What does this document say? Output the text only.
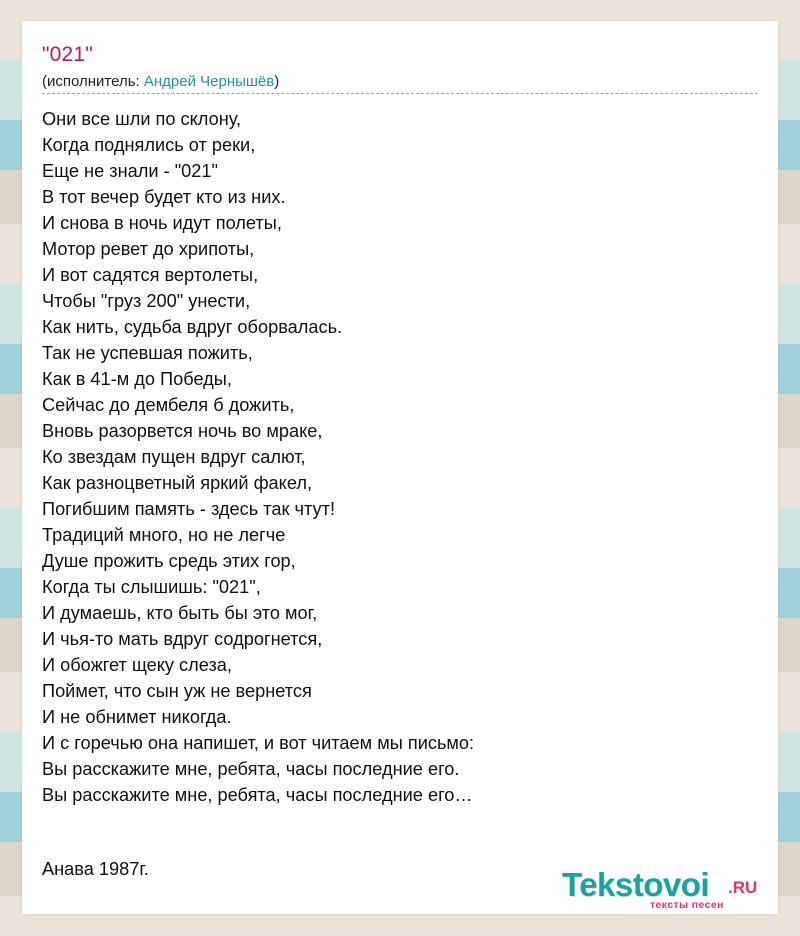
"021"
(исполнитель: Андрей Чернышёв)
Они все шли по склону,
Когда поднялись от реки,
Еще не знали - "021"
В тот вечер будет кто из них.
И снова в ночь идут полеты,
Мотор ревет до хрипоты,
И вот садятся вертолеты,
Чтобы "груз 200" унести,
Как нить, судьба вдруг оборвалась.
Так не успевшая пожить,
Как в 41-м до Победы,
Сейчас до дембеля б дожить,
Вновь разорвется ночь во мраке,
Ко звездам пущен вдруг салют,
Как разноцветный яркий факел,
Погибшим память - здесь так чтут!
Традиций много, но не легче
Душе прожить средь этих гор,
Когда ты слышишь: "021",
И думаешь, кто быть бы это мог,
И чья-то мать вдруг содрогнется,
И обожгет щеку слеза,
Поймет, что сын уж не вернется
И не обнимет никогда.
И с горечью она напишет, и вот читаем мы письмо:
Вы расскажите мне, ребята, часы последние его.
Вы расскажите мне, ребята, часы последние его…
Анава 1987г.	Tekstovoi .RU
тексты песен
